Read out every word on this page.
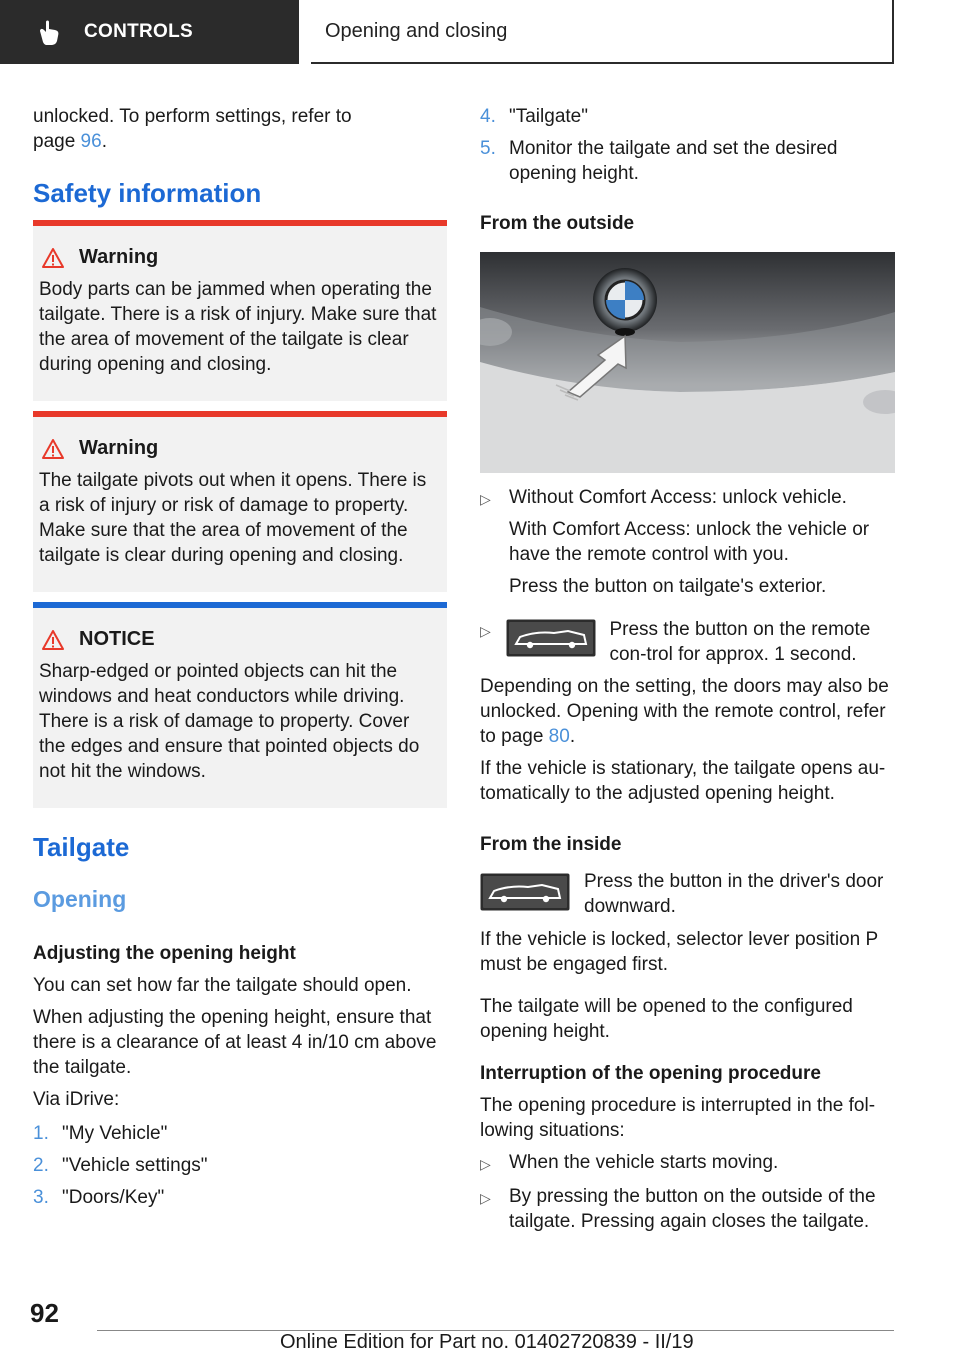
CONTROLS	Opening and closing

unlocked. To perform settings, refer to
page 96.

Safety information
Warning
Body parts can be jammed when operating the tailgate. There is a risk of injury. Make sure that the area of movement of the tailgate is clear during opening and closing.
Warning
The tailgate pivots out when it opens. There is a risk of injury or risk of damage to property. Make sure that the area of movement of the tailgate is clear during opening and closing.
NOTICE
Sharp-edged or pointed objects can hit the windows and heat conductors while driving. There is a risk of damage to property. Cover the edges and ensure that pointed objects do not hit the windows.
Tailgate
Opening
Adjusting the opening height

You can set how far the tailgate should open.

When adjusting the opening height, ensure that there is a clearance of at least 4 in/10 cm above the tailgate.

Via iDrive:

1. "My Vehicle"
2. "Vehicle settings"
3. "Doors/Key"
4. "Tailgate"
5. Monitor the tailgate and set the desired opening height.
From the outside
▷ Without Comfort Access: unlock vehicle.

With Comfort Access: unlock the vehicle or have the remote control with you.

Press the button on tailgate's exterior.

▷	Press the button on the remote con-trol for approx. 1 second.

Depending on the setting, the doors may also be unlocked. Opening with the remote control, refer to page 80.

If the vehicle is stationary, the tailgate opens au-tomatically to the adjusted opening height.

From the inside

Press the button in the driver's door downward.

If the vehicle is locked, selector lever position P must be engaged first.

The tailgate will be opened to the configured opening height.

Interruption of the opening procedure

The opening procedure is interrupted in the fol-lowing situations:

▷ When the vehicle starts moving.

▷ By pressing the button on the outside of the tailgate. Pressing again closes the tailgate.

92
Online Edition for Part no. 01402720839 - II/19
